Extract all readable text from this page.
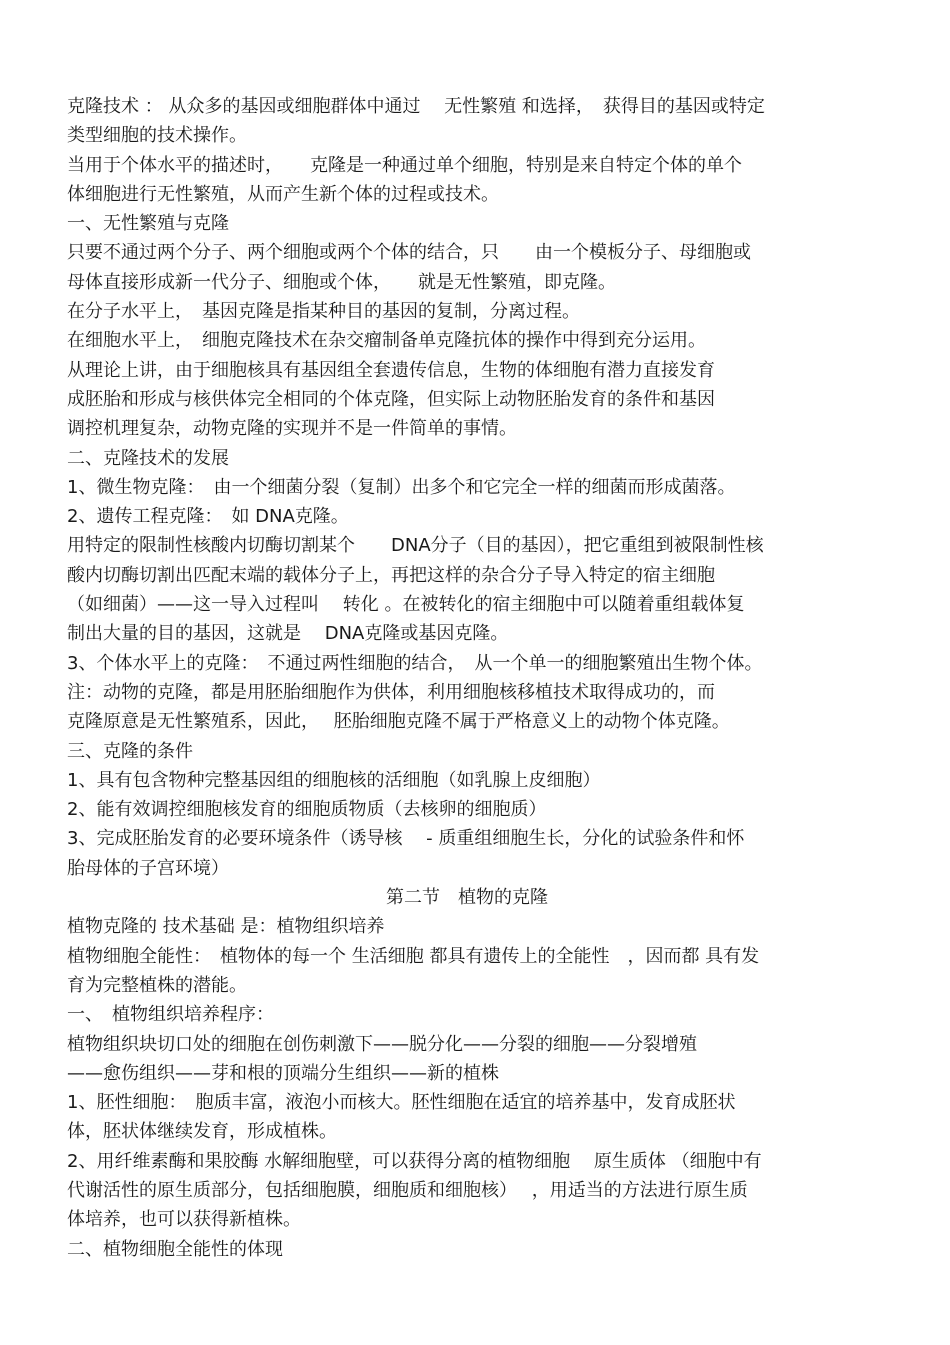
克隆技术 ： 从众多的基因或细胞群体中通过　 无性繁殖 和选择，　获得目的基因或特定
类型细胞的技术操作。
当用于个体水平的描述时，　　克隆是一种通过单个细胞，特别是来自特定个体的单个
体细胞进行无性繁殖，从而产生新个体的过程或技术。
一、无性繁殖与克隆
只要不通过两个分子、两个细胞或两个个体的结合，只　　由一个模板分子、母细胞或
母体直接形成新一代分子、细胞或个体，　　就是无性繁殖，即克隆。
在分子水平上，　基因克隆是指某种目的基因的复制，分离过程。
在细胞水平上，　细胞克隆技术在杂交瘤制备单克隆抗体的操作中得到充分运用。
从理论上讲，由于细胞核具有基因组全套遗传信息，生物的体细胞有潜力直接发育
成胚胎和形成与核供体完全相同的个体克隆，但实际上动物胚胎发育的条件和基因
调控机理复杂，动物克隆的实现并不是一件简单的事情。
二、克隆技术的发展
1、微生物克隆：　由一个细菌分裂（复制）出多个和它完全一样的细菌而形成菌落。
2、遗传工程克隆：　如 DNA克隆。
用特定的限制性核酸内切酶切割某个　　DNA分子（目的基因），把它重组到被限制性核
酸内切酶切割出匹配末端的载体分子上，再把这样的杂合分子导入特定的宿主细胞
（如细菌）——这一导入过程叫　 转化 。在被转化的宿主细胞中可以随着重组载体复
制出大量的目的基因，这就是　 DNA克隆或基因克隆。
3、个体水平上的克隆：　不通过两性细胞的结合，　从一个单一的细胞繁殖出生物个体。
注：动物的克隆，都是用胚胎细胞作为供体，利用细胞核移植技术取得成功的，而
克隆原意是无性繁殖系，因此，　 胚胎细胞克隆不属于严格意义上的动物个体克隆。
三、克隆的条件
1、具有包含物种完整基因组的细胞核的活细胞（如乳腺上皮细胞）
2、能有效调控细胞核发育的细胞质物质（去核卵的细胞质）
3、完成胚胎发育的必要环境条件（诱导核　 - 质重组细胞生长，分化的试验条件和怀
胎母体的子宫环境）
第二节　植物的克隆
植物克隆的 技术基础 是：植物组织培养
植物细胞全能性：　植物体的每一个 生活细胞 都具有遗传上的全能性　，因而都 具有发
育为完整植株的潜能。
一、　植物组织培养程序：
植物组织块切口处的细胞在创伤刺激下——脱分化——分裂的细胞——分裂增殖
——愈伤组织——芽和根的顶端分生组织——新的植株
1、胚性细胞：　胞质丰富，液泡小而核大。胚性细胞在适宜的培养基中，发育成胚状
体，胚状体继续发育，形成植株。
2、用纤维素酶和果胶酶 水解细胞壁，可以获得分离的植物细胞　 原生质体 （细胞中有
代谢活性的原生质部分，包括细胞膜，细胞质和细胞核）　 ，用适当的方法进行原生质
体培养，也可以获得新植株。
二、植物细胞全能性的体现
